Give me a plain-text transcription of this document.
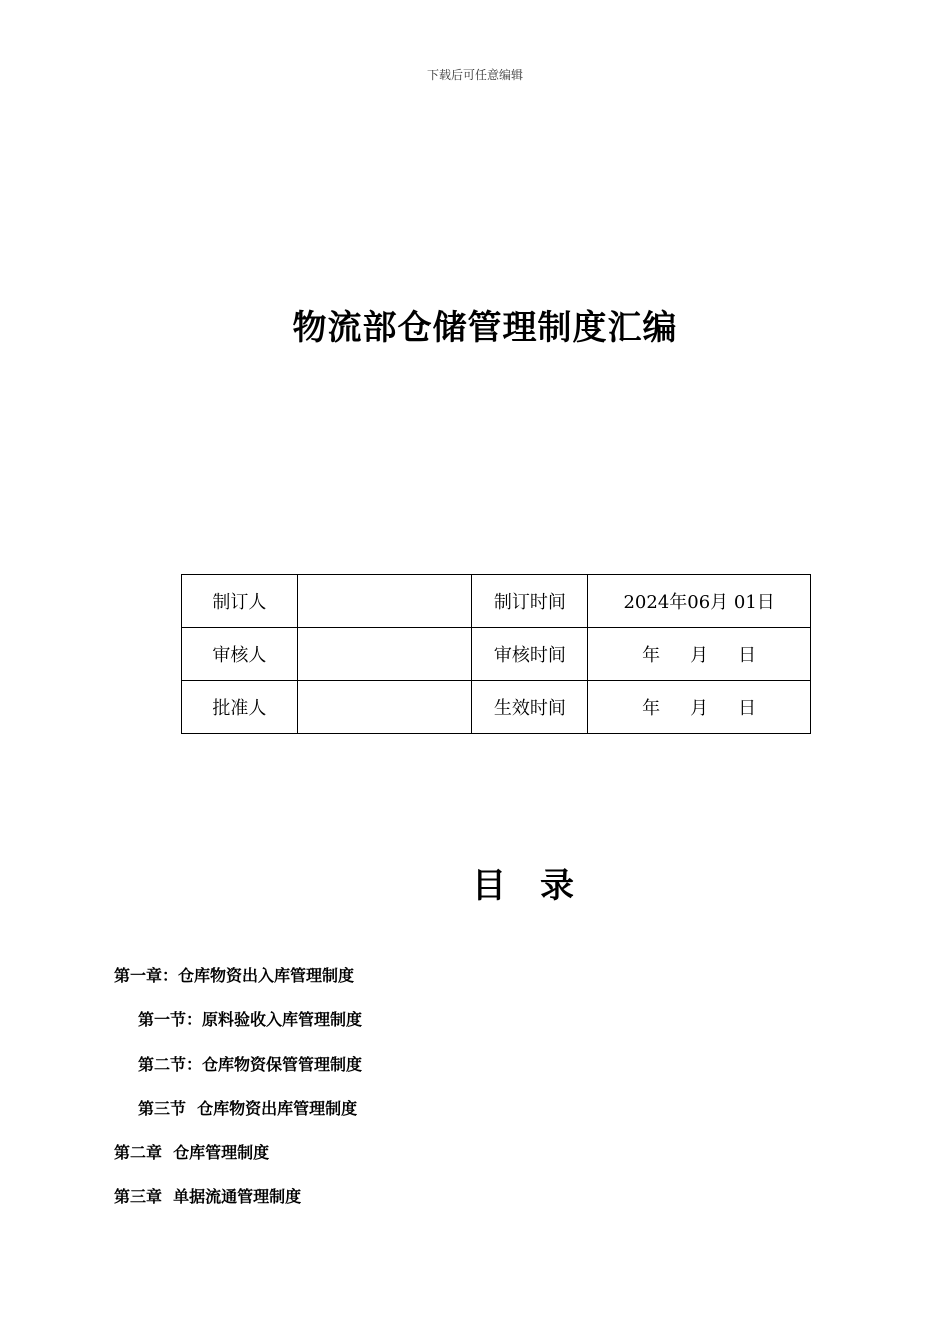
下载后可任意编辑
物流部仓储管理制度汇编
制订人		制订时间	2024年06月 01日
审核人		审核时间	年 月 日
批准人		生效时间	年 月 日
目 录
第一章：仓库物资出入库管理制度
第一节：原料验收入库管理制度
第二节：仓库物资保管管理制度
第三节  仓库物资出库管理制度
第二章  仓库管理制度
第三章  单据流通管理制度
